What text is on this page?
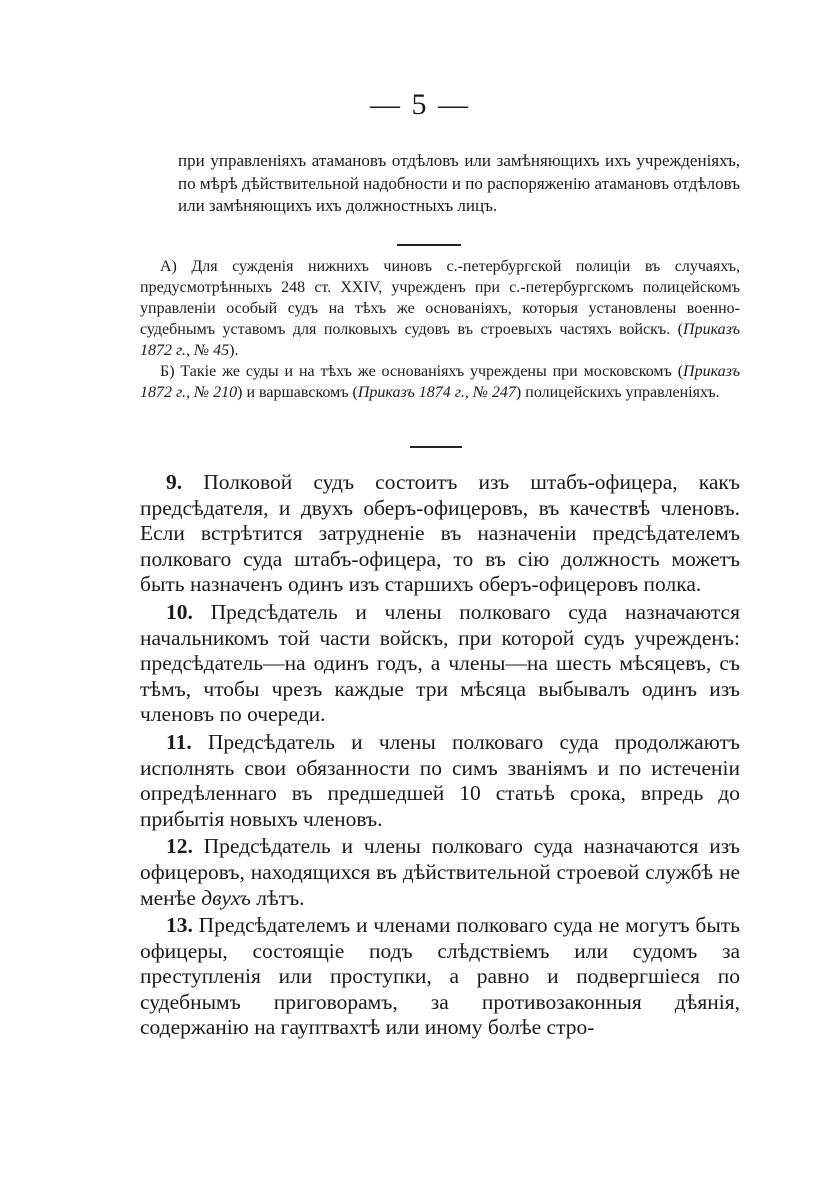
— 5 —
при управленіяхъ атамановъ отдѣловъ или замѣняющихъ ихъ учрежденіяхъ, по мѣрѣ дѣйствительной надобности и по распоряженію атамановъ отдѣловъ или замѣняющихъ ихъ должностныхъ лицъ.

А) Для сужденія нижнихъ чиновъ с.-петербургской полиціи въ случаяхъ, предусмотрѣнныхъ 248 ст. XXIV, учрежденъ при с.-петербургскомъ полицейскомъ управленіи особый судъ на тѣхъ же основаніяхъ, которыя установлены военно-судебнымъ уставомъ для полковыхъ судовъ въ строевыхъ частяхъ войскъ. (Приказъ 1872 г., № 45).

Б) Такіе же суды и на тѣхъ же основаніяхъ учреждены при московскомъ (Приказъ 1872 г., № 210) и варшавскомъ (Приказъ 1874 г., № 247) полицейскихъ управленіяхъ.

9. Полковой судъ состоитъ изъ штабъ-офицера, какъ предсѣдателя, и двухъ оберъ-офицеровъ, въ качествѣ членовъ. Если встрѣтится затрудненіе въ назначеніи предсѣдателемъ полковаго суда штабъ-офицера, то въ сію должность можетъ быть назначенъ одинъ изъ старшихъ оберъ-офицеровъ полка.

10. Предсѣдатель и члены полковаго суда назначаются начальникомъ той части войскъ, при которой судъ учрежденъ: предсѣдатель—на одинъ годъ, а члены—на шесть мѣсяцевъ, съ тѣмъ, чтобы чрезъ каждые три мѣсяца выбывалъ одинъ изъ членовъ по очереди.

11. Предсѣдатель и члены полковаго суда продолжаютъ исполнять свои обязанности по симъ званіямъ и по истеченіи опредѣленнаго въ предшедшей 10 статьѣ срока, впредь до прибытія новыхъ членовъ.

12. Предсѣдатель и члены полковаго суда назначаются изъ офицеровъ, находящихся въ дѣйствительной строевой службѣ не менѣе двухъ лѣтъ.

13. Предсѣдателемъ и членами полковаго суда не могутъ быть офицеры, состоящіе подъ слѣдствіемъ или судомъ за преступленія или проступки, а равно и подвергшіеся по судебнымъ приговорамъ, за противозаконныя дѣянія, содержанію на гауптвахтѣ или иному болѣе стро-
